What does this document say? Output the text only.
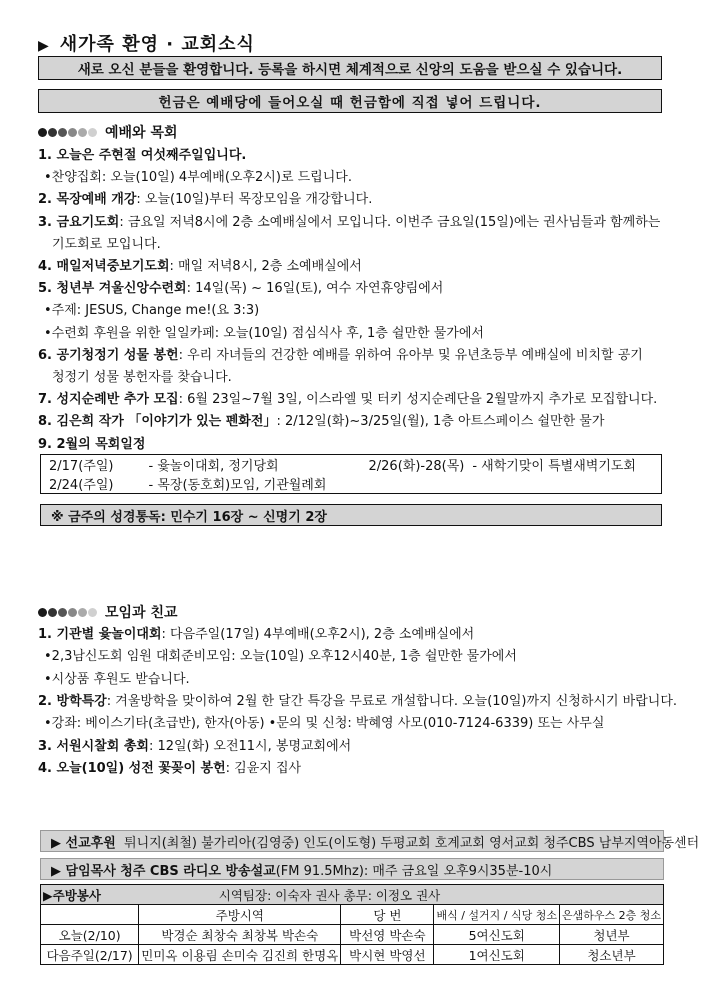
▶ 새가족 환영 · 교회소식
새로 오신 분들을 환영합니다. 등록을 하시면 체계적으로 신앙의 도움을 받으실 수 있습니다.
헌금은 예배당에 들어오실 때 헌금함에 직접 넣어 드립니다.
예배와 목회
1. 오늘은 주현절 여섯째주일입니다.
•찬양집회: 오늘(10일) 4부예배(오후2시)로 드립니다.
2. 목장예배 개강: 오늘(10일)부터 목장모임을 개강합니다.
3. 금요기도회: 금요일 저녁8시에 2층 소예배실에서 모입니다. 이번주 금요일(15일)에는 권사님들과 함께하는
기도회로 모입니다.
4. 매일저녁중보기도회: 매일 저녁8시, 2층 소예배실에서
5. 청년부 겨울신앙수련회: 14일(목) ~ 16일(토), 여수 자연휴양림에서
•주제: JESUS, Change me!(요 3:3)
•수련회 후원을 위한 일일카페: 오늘(10일) 점심식사 후, 1층 쉴만한 물가에서
6. 공기청정기 성물 봉헌: 우리 자녀들의 건강한 예배를 위하여 유아부 및 유년초등부 예배실에 비치할 공기
청정기 성물 봉헌자를 찾습니다.
7. 성지순례반 추가 모집: 6월 23일~7월 3일, 이스라엘 및 터키 성지순례단을 2월말까지 추가로 모집합니다.
8. 김은희 작가 「이야기가 있는 펜화전」: 2/12일(화)~3/25일(월), 1층 아트스페이스 쉴만한 물가
9. 2월의 목회일정
2/17(주일)	- 윷놀이대회, 정기당회	2/26(화)-28(목)	- 새학기맞이 특별새벽기도회
2/24(주일)	- 목장(동호회)모임, 기관월례회		
※ 금주의 성경통독: 민수기 16장 ~ 신명기 2장
모임과 친교
1. 기관별 윷놀이대회: 다음주일(17일) 4부예배(오후2시), 2층 소예배실에서
•2,3남신도회 임원 대회준비모임: 오늘(10일) 오후12시40분, 1층 쉴만한 물가에서
•시상품 후원도 받습니다.
2. 방학특강: 겨울방학을 맞이하여 2월 한 달간 특강을 무료로 개설합니다. 오늘(10일)까지 신청하시기 바랍니다.
•강좌: 베이스기타(초급반), 한자(아동) •문의 및 신청: 박혜영 사모(010-7124-6339) 또는 사무실
3. 서원시찰회 총회: 12일(화) 오전11시, 봉명교회에서
4. 오늘(10일) 성전 꽃꽂이 봉헌: 김윤지 집사
▶ 선교후원
튀니지(최철) 불가리아(김영중) 인도(이도형) 두평교회 호계교회 영서교회 청주CBS 남부지역아동센터
▶ 담임목사 청주 CBS 라디오 방송설교 (FM 91.5Mhz): 매주 금요일 오후9시35분-10시
▶주방봉사	시역팀장: 이숙자 권사 총무: 이정오 권사			
	주방시역	당 번	배식 / 설거지 / 식당 청소	은샘하우스 2층 청소
오늘(2/10)	박경순 최창숙 최창복 박손숙	박선영 박손숙	5여신도회	청년부
다음주일(2/17)	민미옥 이용림 손미숙 김진희 한명옥	박시현 박영선	1여신도회	청소년부
